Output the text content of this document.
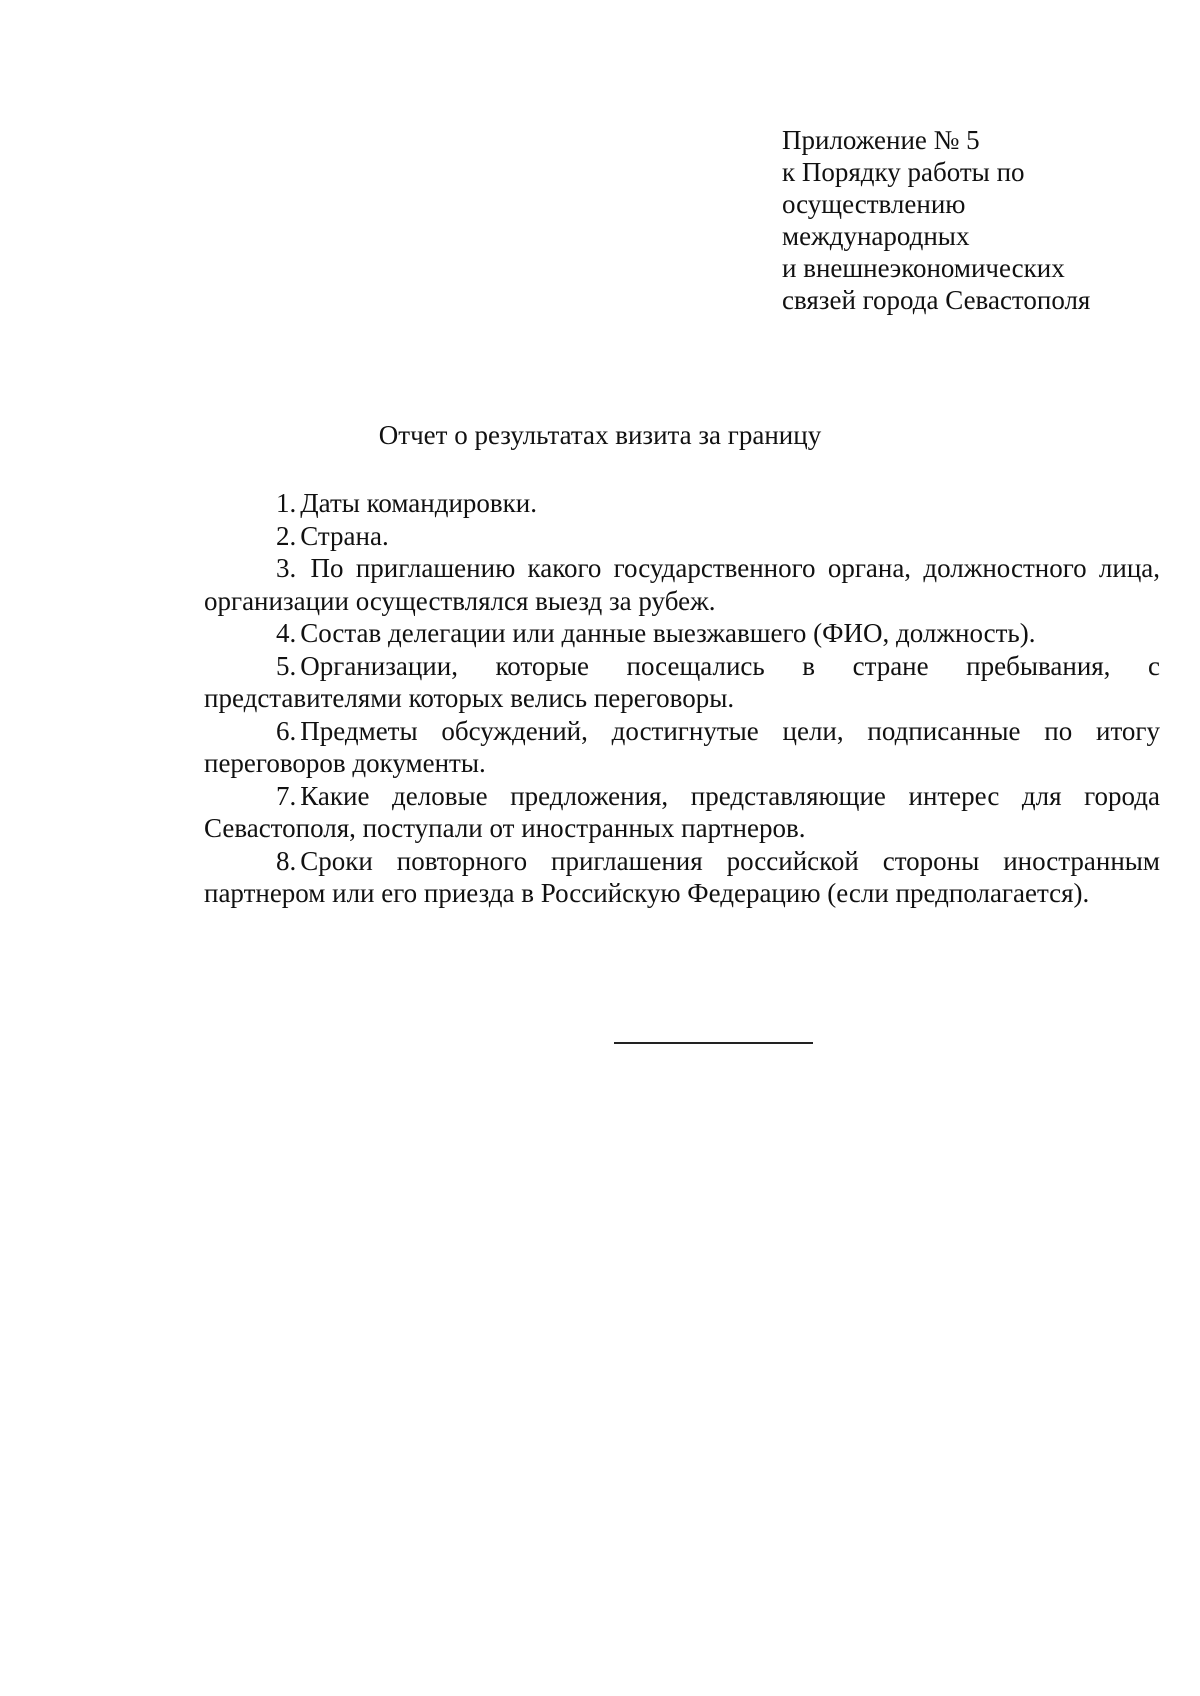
Приложение № 5
к Порядку работы по
осуществлению
международных
и внешнеэкономических
связей города Севастополя
Отчет о результатах визита за границу

1. Даты командировки.

2. Страна.

3. По приглашению какого государственного органа, должностного лица, организации осуществлялся выезд за рубеж.

4. Состав делегации или данные выезжавшего (ФИО, должность).

5. Организации, которые посещались в стране пребывания, с представителями которых велись переговоры.

6. Предметы обсуждений, достигнутые цели, подписанные по итогу переговоров документы.

7. Какие деловые предложения, представляющие интерес для города Севастополя, поступали от иностранных партнеров.

8. Сроки повторного приглашения российской стороны иностранным партнером или его приезда в Российскую Федерацию (если предполагается).
